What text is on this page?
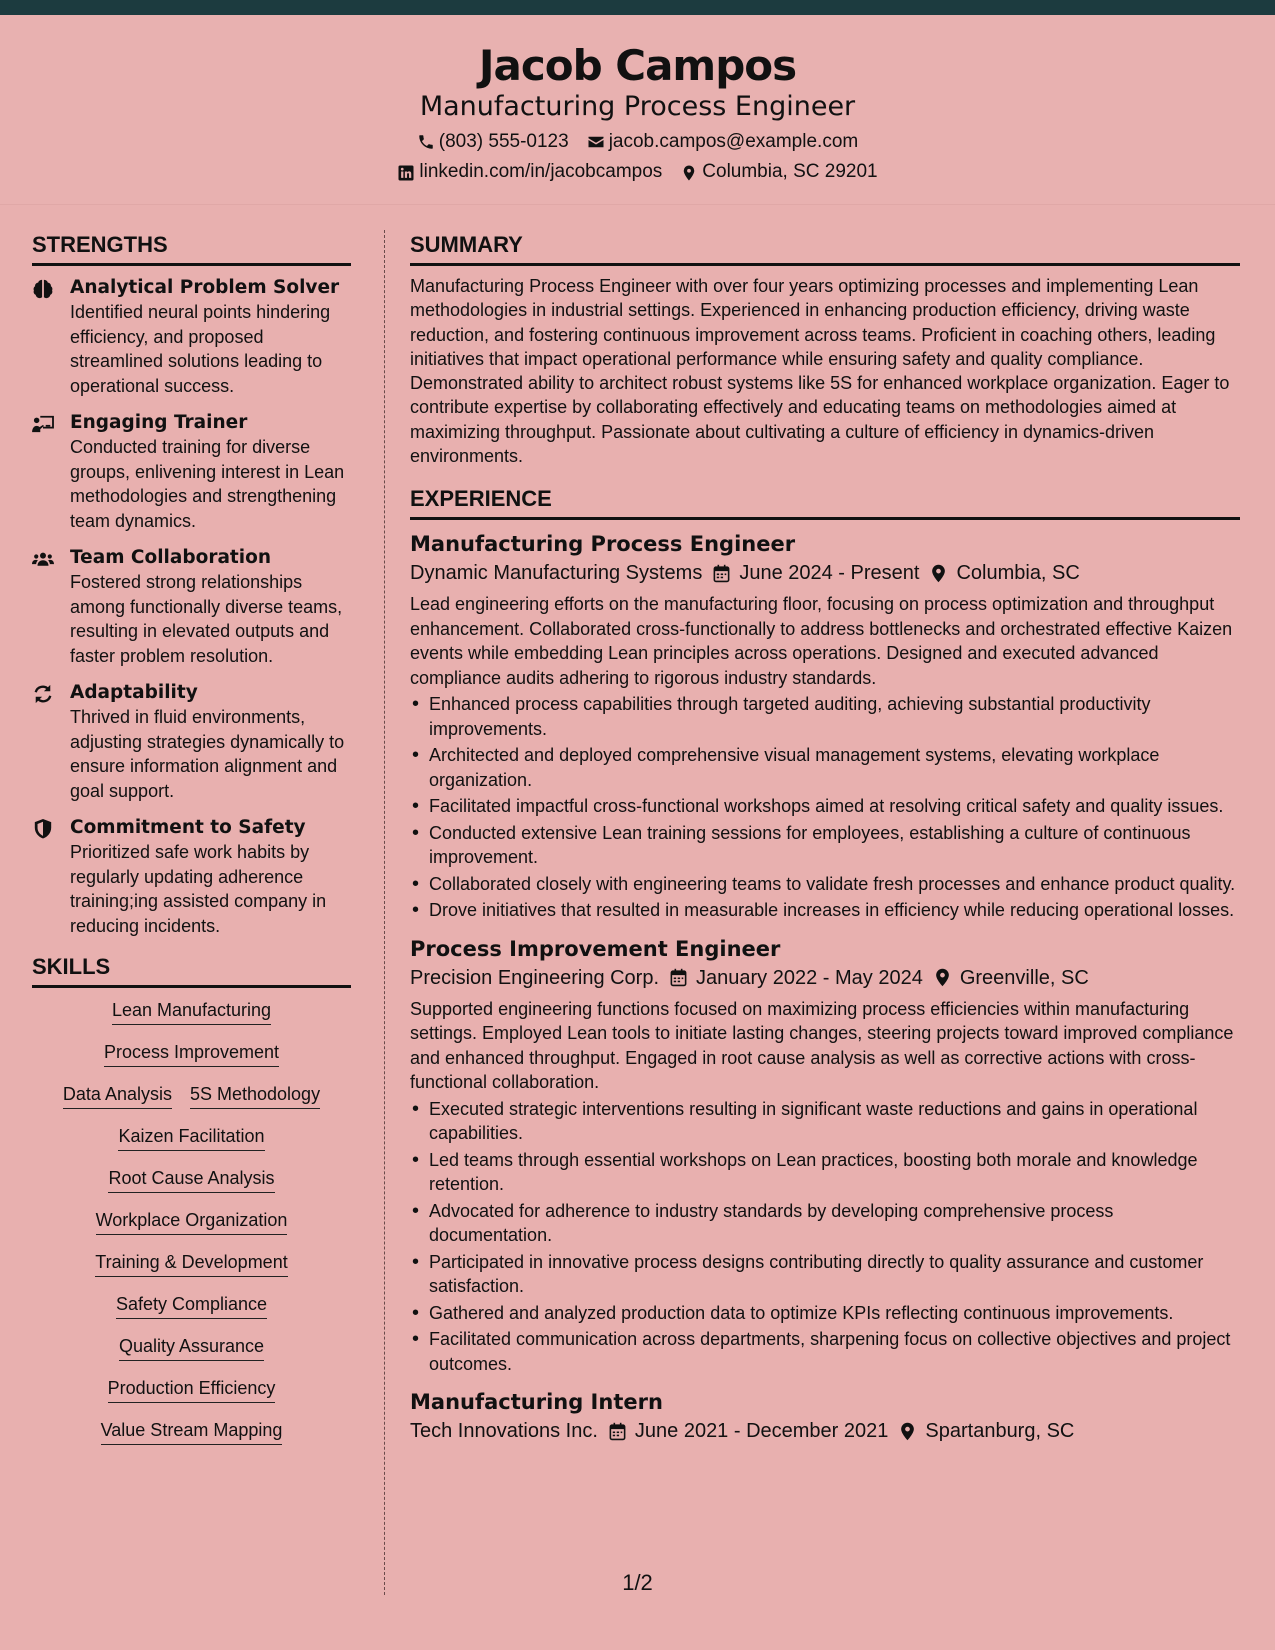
Jacob Campos
Manufacturing Process Engineer
(803) 555-0123 jacob.campos@example.com
linkedin.com/in/jacobcampos Columbia, SC 29201
STRENGTHS
Analytical Problem Solver
Identified neural points hindering efficiency, and proposed streamlined solutions leading to operational success.
Engaging Trainer
Conducted training for diverse groups, enlivening interest in Lean methodologies and strengthening team dynamics.
Team Collaboration
Fostered strong relationships among functionally diverse teams, resulting in elevated outputs and faster problem resolution.
Adaptability
Thrived in fluid environments, adjusting strategies dynamically to ensure information alignment and goal support.
Commitment to Safety
Prioritized safe work habits by regularly updating adherence training;ing assisted company in reducing incidents.
SKILLS
Lean Manufacturing
Process Improvement
Data Analysis 5S Methodology
Kaizen Facilitation
Root Cause Analysis
Workplace Organization
Training & Development
Safety Compliance
Quality Assurance
Production Efficiency
Value Stream Mapping
SUMMARY
Manufacturing Process Engineer with over four years optimizing processes and implementing Lean methodologies in industrial settings. Experienced in enhancing production efficiency, driving waste reduction, and fostering continuous improvement across teams. Proficient in coaching others, leading initiatives that impact operational performance while ensuring safety and quality compliance. Demonstrated ability to architect robust systems like 5S for enhanced workplace organization. Eager to contribute expertise by collaborating effectively and educating teams on methodologies aimed at maximizing throughput. Passionate about cultivating a culture of efficiency in dynamics-driven environments.
EXPERIENCE
Manufacturing Process Engineer
Dynamic Manufacturing Systems June 2024 - Present Columbia, SC
Lead engineering efforts on the manufacturing floor, focusing on process optimization and throughput enhancement. Collaborated cross-functionally to address bottlenecks and orchestrated effective Kaizen events while embedding Lean principles across operations. Designed and executed advanced compliance audits adhering to rigorous industry standards.
• Enhanced process capabilities through targeted auditing, achieving substantial productivity improvements.
• Architected and deployed comprehensive visual management systems, elevating workplace organization.
• Facilitated impactful cross-functional workshops aimed at resolving critical safety and quality issues.
• Conducted extensive Lean training sessions for employees, establishing a culture of continuous improvement.
• Collaborated closely with engineering teams to validate fresh processes and enhance product quality.
• Drove initiatives that resulted in measurable increases in efficiency while reducing operational losses.
Process Improvement Engineer
Precision Engineering Corp. January 2022 - May 2024 Greenville, SC
Supported engineering functions focused on maximizing process efficiencies within manufacturing settings. Employed Lean tools to initiate lasting changes, steering projects toward improved compliance and enhanced throughput. Engaged in root cause analysis as well as corrective actions with cross-functional collaboration.
• Executed strategic interventions resulting in significant waste reductions and gains in operational capabilities.
• Led teams through essential workshops on Lean practices, boosting both morale and knowledge retention.
• Advocated for adherence to industry standards by developing comprehensive process documentation.
• Participated in innovative process designs contributing directly to quality assurance and customer satisfaction.
• Gathered and analyzed production data to optimize KPIs reflecting continuous improvements.
• Facilitated communication across departments, sharpening focus on collective objectives and project outcomes.
Manufacturing Intern
Tech Innovations Inc. June 2021 - December 2021 Spartanburg, SC
1/2
